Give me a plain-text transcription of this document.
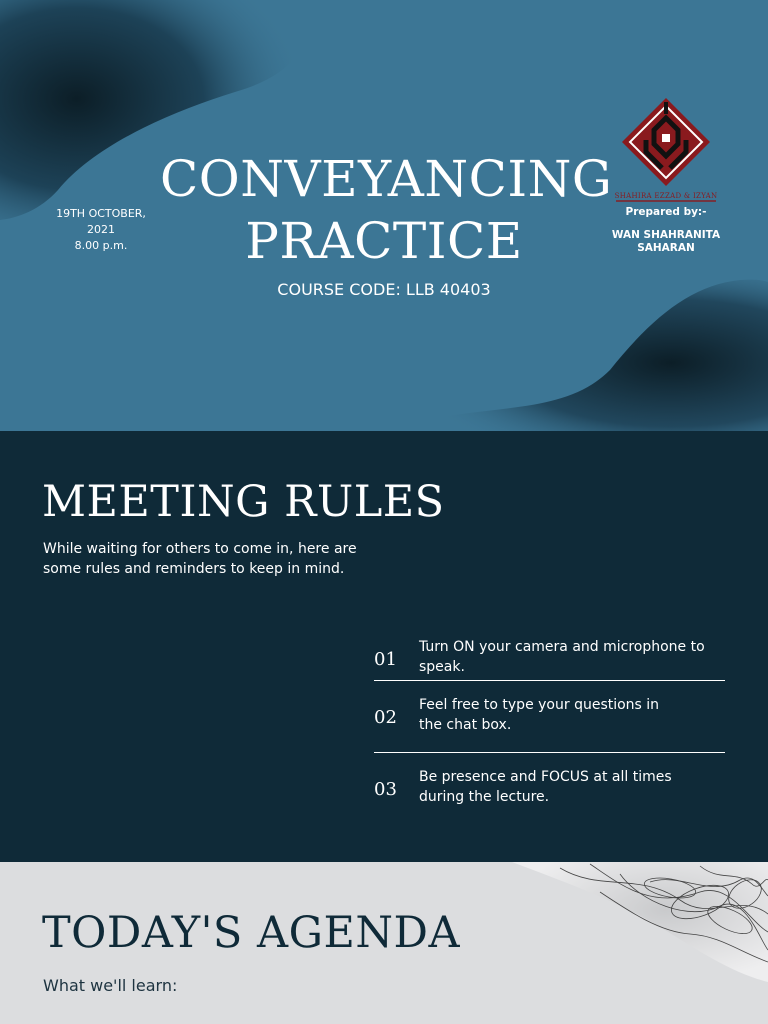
19TH OCTOBER,
2021
8.00 p.m.
CONVEYANCING
PRACTICE
COURSE CODE: LLB 40403
SHAHIRA EZZAD & IZYAN
Prepared by:-
WAN SHAHRANITA
SAHARAN
MEETING RULES
While waiting for others to come in, here are some rules and reminders to keep in mind.
01
Turn ON your camera and microphone to speak.
02
Feel free to type your questions in the chat box.
03
Be presence and FOCUS at all times during the lecture.
TODAY'S AGENDA
What we'll learn:
